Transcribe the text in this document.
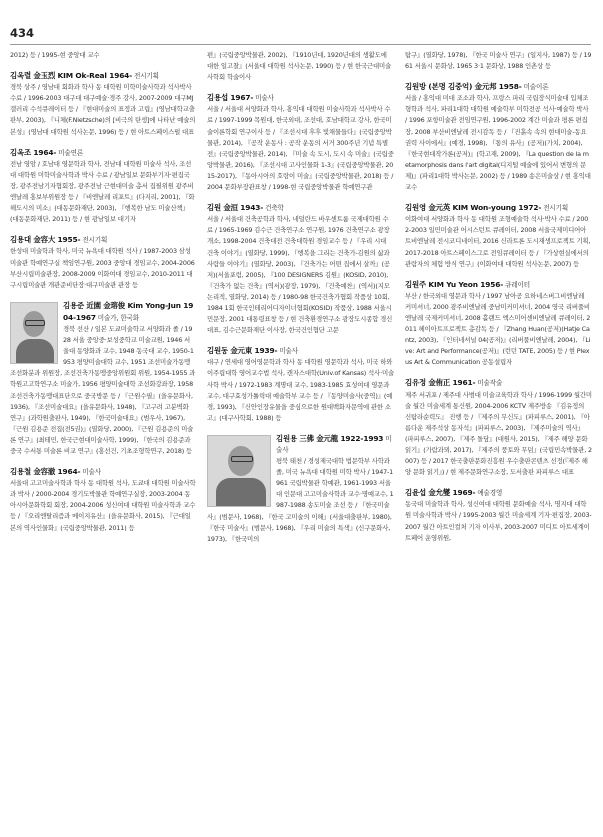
434
2012) 등 / 1995-현 중앙대 교수
김옥렬 金玉烈 KIM Ok-Real 1964- 전시기획
경북 상주 / 영남대 회화과 학사 동 대학원 미학미술사학과 석사박사 수료 / 1996-2003 대구대 대구예술·경주 강사, 2007-2009 대구MJ갤러리 수석큐레이터 등 / 『현대미술의 표정과 고립』(영남대학교출판부, 2003), 『니체(F.Nietzsche)의 [비극의 탄생]에 나타난 예술의 본성』(영남대 대학원 석사논문, 1996) 등 / 현 아트스페이스펄 대표
김옥조 1964- 미술연론
전남 영암 / 호남대 영문학과 학사, 전남대 대학원 미술사 석사, 조선대 대학원 미학미술사학과 박사 수료 / 광남일보 문화부기자·편집국장, 광주전남기자협회장, 광주전남 근현대미술 총서 집필위원 광주비엔날레 홍보부위원장 등 / 『비엔날레 리포트』(다지리, 2001), 『화해도시의 미소』(대동문화재단, 2003), 『행복한 남도 미술산책』(대동문화재단, 2011) 등 / 현 광남일보 대기자
김용대 金容大 1955- 전시기획
한성대 미술학과 학사, 미국 뉴욕대 대학원 석사 / 1987-2003 삼성미술관 학예연구실 책임연구원, 2003 중앙대 경임교수, 2004-2006 부산시립미술관장, 2008-2009 이화여대 경임교수, 2010-2011 대구시립미술관 개관준비단장·대구미술관 관장 등
김용준 近園 金瑢俊 Kim Yong-Jun 1904-1967 미술가, 한국화
경북 선산 / 일본 도쿄미술학교 서양화과 졸 / 1928 서울 중앙중·보성중학교 미술교원, 1946 서울대 동양화과 교수, 1948 동국대 교수, 1950-1953 평양미술대학 교수, 1951 조선미술가동맹 조선화분과 위원장, 조선건축가동맹중앙위원회 위원, 1954-1955 과학원고고학연구소 미술가, 1956 평양미술대학 조선화강좌장, 1958 조선건축가동맹대표단으로 중국방문 등 / 『근원수필』(을유문화사, 1936), 『조선미술대요』(을유문화사, 1948), 『고구려 고분벽화 연구』(과학원출판사, 1949), 『한국미술대요』(범우사, 1967), 『근원 김용준 전집(전5권)』(열화당, 2000), 『근원 김용준의 미술론 연구』(최테민, 한국근현대미술사학, 1999), 『한국의 김용준과 중국 수서통 미술론 비교 연구』(홍선건, 기초조형학연구, 2018) 등
김용철 金容澈 1964- 미술사
서울대 고고미술사학과 학사 동 대학원 석사, 도쿄대 대학원 미술사학과 박사 / 2000-2004 경기도박물관 학예연구실장, 2003-2004 동아시아문화학회 회장, 2004-2006 성신여대 대학원 미술사학과 교수 등 / 『오리엔탈리즘과 메이지유산』(을유문화사, 2015), 『근대일본의 역사인물화』(국립중앙박물관, 2011) 등
편』(국립중앙박물관, 2002), 『1910년대, 1920년대의 생활도에 대한 일고찰』(서울대 대학원 석사논문, 1990) 등 / 현 한국근대미술사학회 학술이사
김용섭 1967- 미술사
서울 / 서울대 서양화과 학사, 홍익대 대학원 미술사학과 석사박사 수료 / 1997-1999 목원대, 한국외대, 조선대, 호남대학교 강사, 한국미술이론학회 연구이사 등 / 『조선시대 후후 빛채물들다』(국립중앙박물관, 2014), 『공작 운동사 : 공작 운동의 서거 300주년 기념 특별전』(국립중앙박물관, 2014), 『미술 속 도시, 도시 속 미술』(국립중앙박물관, 2016), 『조선시대 고사인물화 1-3』(국립중앙박물관, 2015-2017), 『동아시아의 호랑이 미술』(국립중앙박물관, 2018) 등 / 2004 문화부장관표창 / 1998-현 국립중앙박물관 학예연구관
김원 金洹 1943- 건축학
서울 / 서울대 건축공학과 학사, 네덜란드 바우센트룸 국제대학원 수료 / 1965-1969 김수근 건축연구소 연구원, 1976 건축연구소 광장 개소, 1998-2004 건축대전 건축대학원 경임교수 등 / 『우리 시대 건축 이야기』(열화당, 1999), 『행복을 그리는 건축가-김원의 삶과 사람들 이야기』(열화당, 2003), 『건축가는 어떤 집에서 살까』(공저)(서울포럼, 2005), 『100 DESIGNERS 김원』(KOSID, 2010), 『건축가 없는 건축』(역서)(광장, 1979), 『건축예찬』(역서)(지모 논리적, 열화당, 2014) 등 / 1980-98 한국건축가협회 작품상 10회, 1984 1회 한국인테리어디자이너협회(KOSID) 작품상, 1988 서울시민문장, 2001 대통령표창 등 / 현 건축환경연구소 광장도시종합 경신 대표, 김수근문화재단 이사장, 한국건인협단 고문
김원동 金元東 1939- 미술사
대구 / 연세대 영어영문학과 학사 동 대학원 영문학과 석사, 미국 하와이주립대학 영어교수법 석사, 캔자스대학(Univ.of Kansas) 석사·미술사학 박사 / 1972-1983 계명대 교수, 1983-1985 효성여대 영문과 교수, 대구효성가톨릭대 예술학부 교수 등 / 『동양미술사(중역)』(예경, 1993), 『신안인장유물을 중심으로한 원대백화자문역에 관한 소고』(대구사학회, 1988) 등
김원용 三佛 金元龍 1922-1993 미술사
평북 태천 / 경성제국대학 법문학부 사학과 졸, 미국 뉴욕대 대학원 미학 박사 / 1947-1961 국립박물관 학예관, 1961-1993 서울대 인문대 고고미술사학과 교수·명예교수, 1987-1988 송도미술 조선 등 / 『한국미술사』(범문사, 1968), 『한국 고미술의 이해』(서울대출판부, 1980), 『한국 미술사』(범문사, 1968), 『우리 미술의 특색』(신구문화사, 1973), 『한국미의
탐구』(열화당, 1978), 『한국 미술사 연구』(일지사, 1987) 등 / 1961 서울시 문화상, 1965 3·1 문화상, 1988 인촌상 등
김원방 (본명 김중억) 金元邦 1958- 미술이론
서울 / 홍익대 미대 조소과 학사, 프랑스 파리 국립장식미술대 입체조형학과 석사, 파리1대학 대학원 예술학부 미학전공 석사·예술학 박사 / 1996 포항미술관 전임연구원, 1996-2002 계간 미술과 평론 편집장, 2008 부산비엔날레 전시감독 등 / 『진흙속 속의 현대미술-동요 권력 사이에서』(예경, 1998), 『통의 유사』(공저)(가치, 2004), 『한국현대작가론(공저)』(학고재, 2009), 『La question de la metamorphosis dans l'art digital(디지털 예술에 있어서 변형의 문제)』(파리1대학 박사논문, 2002) 등 / 1989 송은미술상 / 현 홍익대 교수
김원영 金元英 KIM Won-young 1972- 전시기획
이화여대 서양화과 학사 동 대학원 조형예술학 석사·박사 수료 / 2002-2003 일민미술관 어시스턴트 큐레이터, 2008 서울국제미디어아트비엔날레 전시코디네이터, 2016 신라트론 도시재생프로젝트 기획, 2017-2018 아트스페이스그로 전임큐레이터 등 / 『가상현실에서의 관람자의 체험 방식 연구』(이화여대 대학원 석사논문, 2007) 등
김원주 KIM Yu Yeon 1956- 큐레이터
부산 / 한국외대 영문과 학사 / 1997 남아공 요하네스버그비엔날레 커미셔너, 2000 광주비엔날레 중남미커미셔너, 2004 영국 리버풀비엔날레 국제커미셔너, 2008 홀랜드 엑스미어센비엔날레 큐레이터, 2011 헤이아트프로젝트 총감독 등 / 『Zhang Huan(공저)(Hatje Cantz, 2003), 『인터네셔널 04(공저)』(리버풀비엔날레, 2004), 『Live: Art and Performance(공저)』(런던 TATE, 2005) 등 / 현 Plexus Art & Communication 공동설립자
김유정 金侑正 1961- 미술작술
제주 서귀포 / 제주대 사범대 미술교육학과 학사 / 1996-1999 월간미술 월간 미술세계 통신원, 2004-2006 KCTV 제주방송 『김유정의 신탐라순력도』 진행 등 / 『제주의 무신도』(파피루스, 2001), 『아름다운 제주석상 동자석』(파피루스, 2003), 『제주미술의 역사』(파피루스, 2007), 『제주 돌담』(대원사, 2015), 『제주 해양 문화 읽기』(가람과뫼, 2017), 『제주의 풍토와 무덤』(국립민속박물관, 2007) 등 / 2017 한국출판문화진흥원 우수출판콘텐츠 선정(『제주 해양 문화 읽기』) / 현 제주문화연구소장, 도서출판 파피루스 대표
김윤섭 金允燮 1969- 예술경영
동국대 미술학과 학사, 성신여대 대학원 문화예술 석사, 명지대 대학원 미술사학과 박사 / 1995-2003 월간 미술세계 기자·편집장, 2003-2007 월간 아트인컬처 기자 이사부, 2003-2007 미디트 아트세계이트페어 운영위원,
